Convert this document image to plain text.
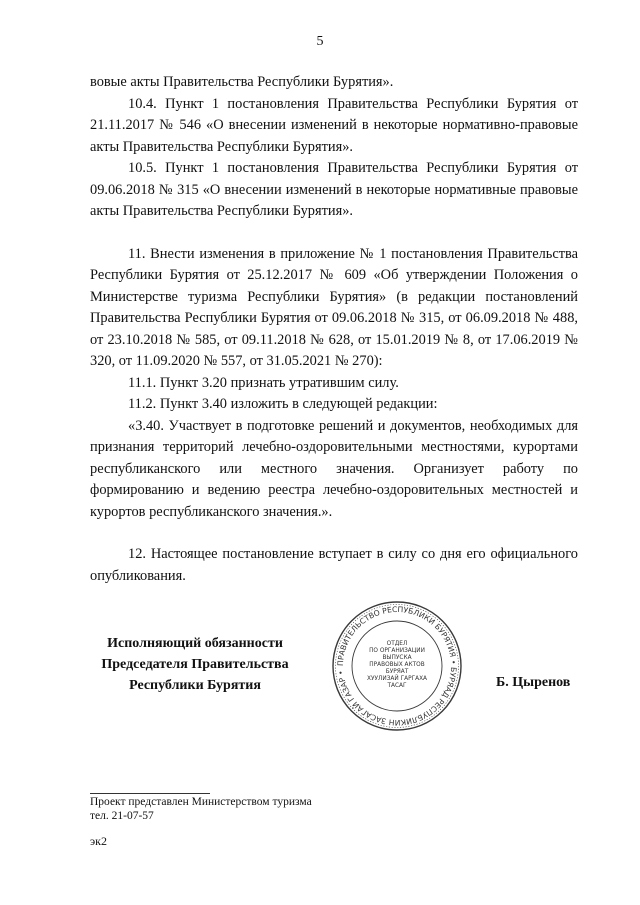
5

вовые акты Правительства Республики Бурятия».

10.4. Пункт 1 постановления Правительства Республики Бурятия от 21.11.2017 № 546 «О внесении изменений в некоторые нормативно-правовые акты Правительства Республики Бурятия».

10.5. Пункт 1 постановления Правительства Республики Бурятия от 09.06.2018 № 315 «О внесении изменений в некоторые нормативные правовые акты Правительства Республики Бурятия».

11. Внести изменения в приложение № 1 постановления Правительства Республики Бурятия от 25.12.2017 № 609 «Об утверждении Положения о Министерстве туризма Республики Бурятия» (в редакции постановлений Правительства Республики Бурятия от 09.06.2018 № 315, от 06.09.2018 № 488, от 23.10.2018 № 585, от 09.11.2018 № 628, от 15.01.2019 № 8, от 17.06.2019 № 320, от 11.09.2020 № 557, от 31.05.2021 № 270):

11.1. Пункт 3.20 признать утратившим силу.

11.2. Пункт 3.40 изложить в следующей редакции:

«3.40. Участвует в подготовке решений и документов, необходимых для признания территорий лечебно-оздоровительными местностями, курортами республиканского или местного значения. Организует работу по формированию и ведению реестра лечебно-оздоровительных местностей и курортов республиканского значения.».

12. Настоящее постановление вступает в силу со дня его официального опубликования.

Исполняющий обязанности
Председателя Правительства
Республики Бурятия
ПРАВИТЕЛЬСТВО РЕСПУБЛИКИ БУРЯТИЯ • БУРЯАД РЕСПУБЛИКИН ЗАСАГАЙ ГАЗАР •
ОТДЕЛ
ПО ОРГАНИЗАЦИИ
ВЫПУСКА
ПРАВОВЫХ АКТОВ
БУРЯАТ
ХУУЛИЗАЙ ГАРГАХА
ТАСАГ	Б. Цыренов

Проект представлен Министерством туризма

тел. 21-07-57

эк2
